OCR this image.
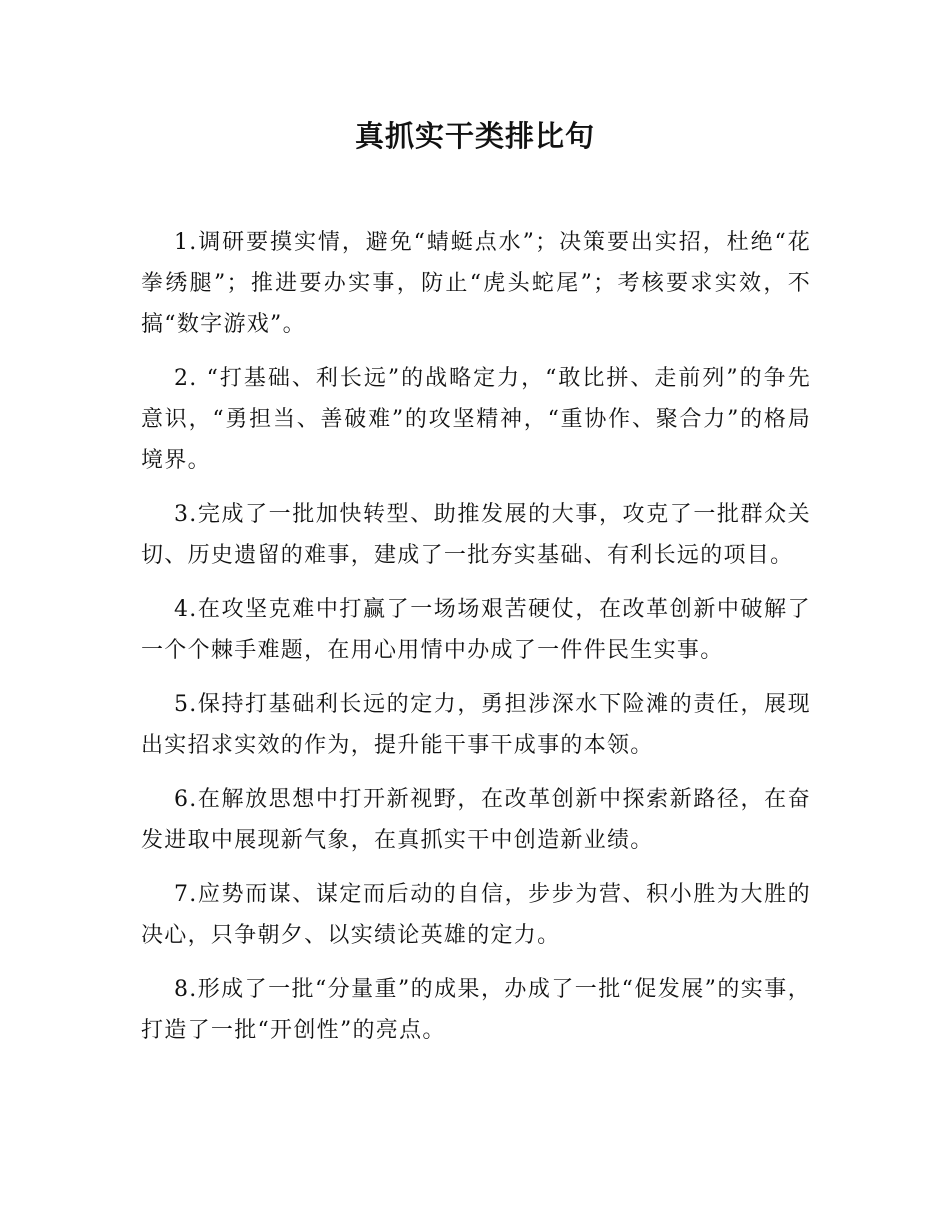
真抓实干类排比句

1.调研要摸实情，避免“蜻蜓点水”；决策要出实招，杜绝“花拳绣腿”；推进要办实事，防止“虎头蛇尾”；考核要求实效，不搞“数字游戏”。

2. “打基础、利长远”的战略定力，“敢比拼、走前列”的争先意识，“勇担当、善破难”的攻坚精神，“重协作、聚合力”的格局境界。

3.完成了一批加快转型、助推发展的大事，攻克了一批群众关切、历史遗留的难事，建成了一批夯实基础、有利长远的项目。

4.在攻坚克难中打赢了一场场艰苦硬仗，在改革创新中破解了一个个棘手难题，在用心用情中办成了一件件民生实事。

5.保持打基础利长远的定力，勇担涉深水下险滩的责任，展现出实招求实效的作为，提升能干事干成事的本领。

6.在解放思想中打开新视野，在改革创新中探索新路径，在奋发进取中展现新气象，在真抓实干中创造新业绩。

7.应势而谋、谋定而后动的自信，步步为营、积小胜为大胜的决心，只争朝夕、以实绩论英雄的定力。

8.形成了一批“分量重”的成果，办成了一批“促发展”的实事，打造了一批“开创性”的亮点。
